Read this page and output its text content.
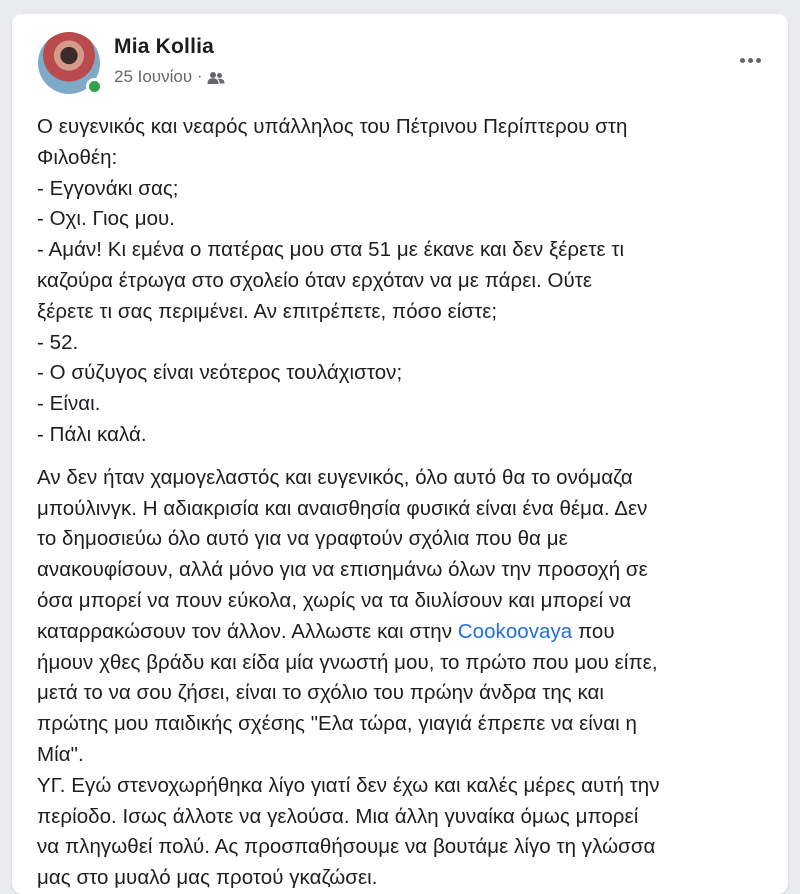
Mia Kollia
25 Ιουνίου ·

Ο ευγενικός και νεαρός υπάλληλος του Πέτρινου Περίπτερου στη
Φιλοθέη:
- Εγγονάκι σας;
- Οχι. Γιος μου.
- Αμάν! Κι εμένα ο πατέρας μου στα 51 με έκανε και δεν ξέρετε τι
καζούρα έτρωγα στο σχολείο όταν ερχόταν να με πάρει. Ούτε
ξέρετε τι σας περιμένει. Αν επιτρέπετε, πόσο είστε;
- 52.
- Ο σύζυγος είναι νεότερος τουλάχιστον;
- Είναι.
- Πάλι καλά.

Αν δεν ήταν χαμογελαστός και ευγενικός, όλο αυτό θα το ονόμαζα
μπούλινγκ. Η αδιακρισία και αναισθησία φυσικά είναι ένα θέμα. Δεν
το δημοσιεύω όλο αυτό για να γραφτούν σχόλια που θα με
ανακουφίσουν, αλλά μόνο για να επισημάνω όλων την προσοχή σε
όσα μπορεί να πουν εύκολα, χωρίς να τα διυλίσουν και μπορεί να
καταρρακώσουν τον άλλον. Αλλωστε και στην Cookoovaya που
ήμουν χθες βράδυ και είδα μία γνωστή μου, το πρώτο που μου είπε,
μετά το να σου ζήσει, είναι το σχόλιο του πρώην άνδρα της και
πρώτης μου παιδικής σχέσης "Ελα τώρα, γιαγιά έπρεπε να είναι η
Μία".
ΥΓ. Εγώ στενοχωρήθηκα λίγο γιατί δεν έχω και καλές μέρες αυτή την
περίοδο. Ισως άλλοτε να γελούσα. Μια άλλη γυναίκα όμως μπορεί
να πληγωθεί πολύ. Ας προσπαθήσουμε να βουτάμε λίγο τη γλώσσα
μας στο μυαλό μας προτού γκαζώσει.
